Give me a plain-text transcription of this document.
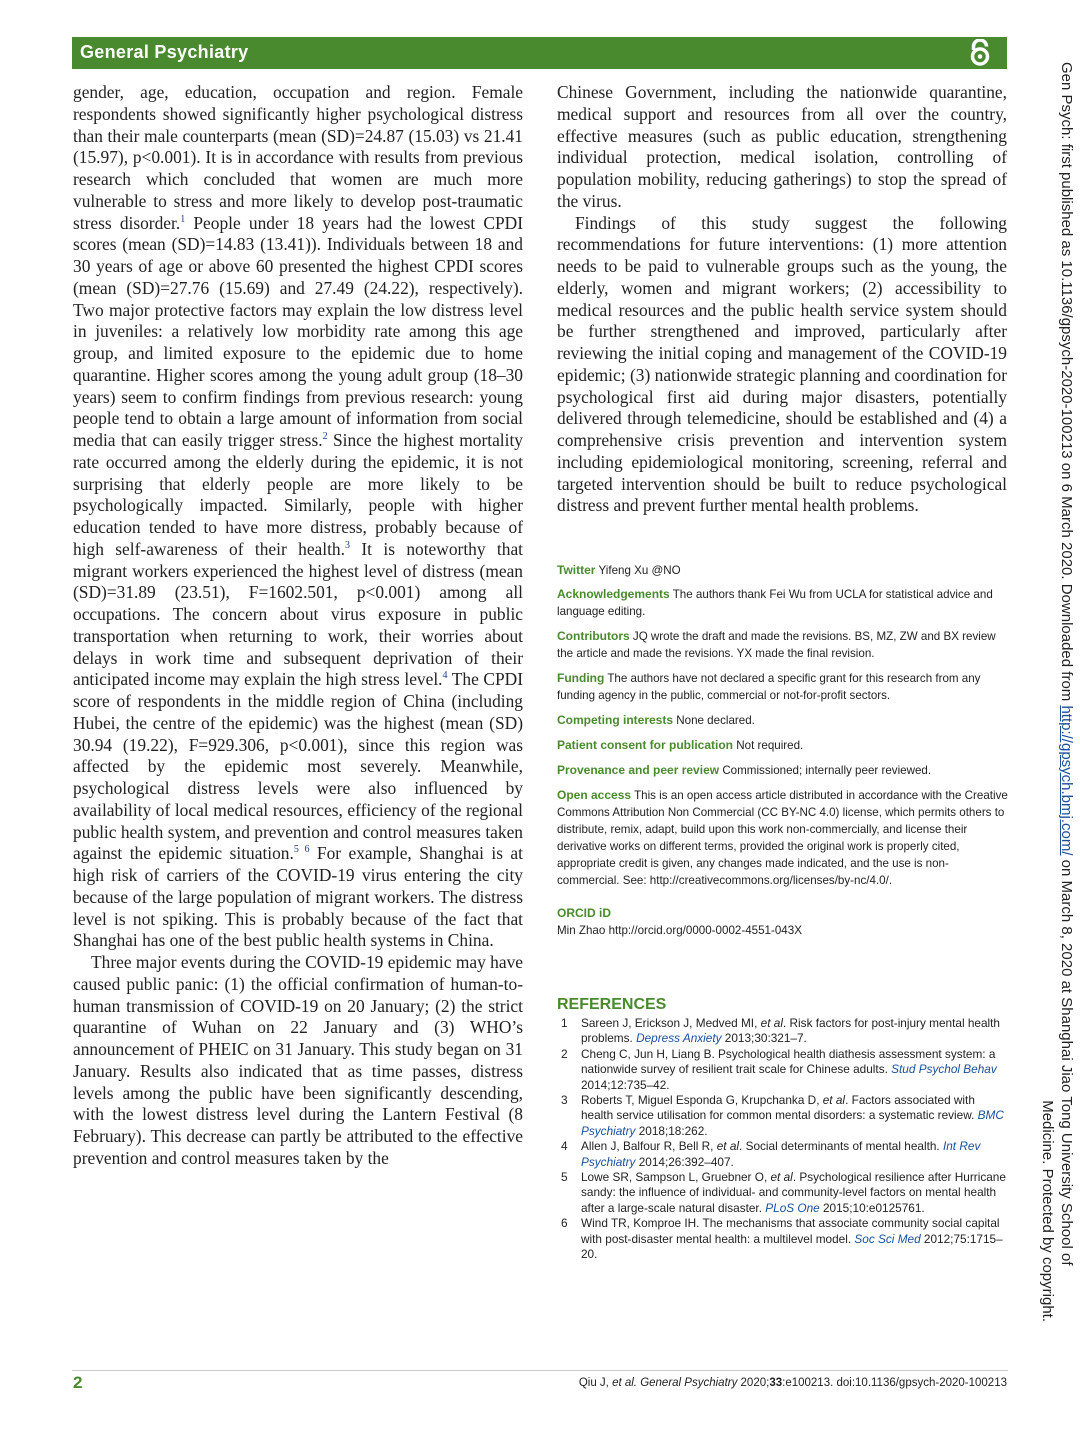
General Psychiatry

gender, age, education, occupation and region. Female respondents showed significantly higher psychological distress than their male counterparts (mean (SD)=24.87 (15.03) vs 21.41 (15.97), p<0.001). It is in accordance with results from previous research which concluded that women are much more vulnerable to stress and more likely to develop post-traumatic stress disorder.$^1$ People under 18 years had the lowest CPDI scores (mean (SD)=14.83 (13.41)). Individuals between 18 and 30 years of age or above 60 presented the highest CPDI scores (mean (SD)=27.76 (15.69) and 27.49 (24.22), respectively). Two major protective factors may explain the low distress level in juveniles: a relatively low morbidity rate among this age group, and limited exposure to the epidemic due to home quarantine. Higher scores among the young adult group (18–30 years) seem to confirm findings from previous research: young people tend to obtain a large amount of information from social media that can easily trigger stress.$^2$ Since the highest mortality rate occurred among the elderly during the epidemic, it is not surprising that elderly people are more likely to be psychologically impacted. Similarly, people with higher education tended to have more distress, probably because of high self-awareness of their health.$^3$ It is noteworthy that migrant workers experienced the highest level of distress (mean (SD)=31.89 (23.51), F=1602.501, p<0.001) among all occupations. The concern about virus exposure in public transportation when returning to work, their worries about delays in work time and subsequent deprivation of their anticipated income may explain the high stress level.$^4$ The CPDI score of respondents in the middle region of China (including Hubei, the centre of the epidemic) was the highest (mean (SD) 30.94 (19.22), F=929.306, p<0.001), since this region was affected by the epidemic most severely. Meanwhile, psychological distress levels were also influenced by availability of local medical resources, efficiency of the regional public health system, and prevention and control measures taken against the epidemic situation.$^{5 6}$ For example, Shanghai is at high risk of carriers of the COVID-19 virus entering the city because of the large population of migrant workers. The distress level is not spiking. This is probably because of the fact that Shanghai has one of the best public health systems in China.

Three major events during the COVID-19 epidemic may have caused public panic: (1) the official confirmation of human-to-human transmission of COVID-19 on 20 January; (2) the strict quarantine of Wuhan on 22 January and (3) WHO’s announcement of PHEIC on 31 January. This study began on 31 January. Results also indicated that as time passes, distress levels among the public have been significantly descending, with the lowest distress level during the Lantern Festival (8 February). This decrease can partly be attributed to the effective prevention and control measures taken by the

Chinese Government, including the nationwide quarantine, medical support and resources from all over the country, effective measures (such as public education, strengthening individual protection, medical isolation, controlling of population mobility, reducing gatherings) to stop the spread of the virus.

Findings of this study suggest the following recommendations for future interventions: (1) more attention needs to be paid to vulnerable groups such as the young, the elderly, women and migrant workers; (2) accessibility to medical resources and the public health service system should be further strengthened and improved, particularly after reviewing the initial coping and management of the COVID-19 epidemic; (3) nationwide strategic planning and coordination for psychological first aid during major disasters, potentially delivered through telemedicine, should be established and (4) a comprehensive crisis prevention and intervention system including epidemiological monitoring, screening, referral and targeted intervention should be built to reduce psychological distress and prevent further mental health problems.

Twitter Yifeng Xu @NO

Acknowledgements The authors thank Fei Wu from UCLA for statistical advice and language editing.

Contributors JQ wrote the draft and made the revisions. BS, MZ, ZW and BX review the article and made the revisions. YX made the final revision.

Funding The authors have not declared a specific grant for this research from any funding agency in the public, commercial or not-for-profit sectors.

Competing interests None declared.

Patient consent for publication Not required.

Provenance and peer review Commissioned; internally peer reviewed.

Open access This is an open access article distributed in accordance with the Creative Commons Attribution Non Commercial (CC BY-NC 4.0) license, which permits others to distribute, remix, adapt, build upon this work non-commercially, and license their derivative works on different terms, provided the original work is properly cited, appropriate credit is given, any changes made indicated, and the use is non-commercial. See: http://creativecommons.org/licenses/by-nc/4.0/.

ORCID iD

Min Zhao http://orcid.org/0000-0002-4551-043X

REFERENCES
1	Sareen J, Erickson J, Medved MI, et al. Risk factors for post-injury mental health problems. Depress Anxiety 2013;30:321–7.
2	Cheng C, Jun H, Liang B. Psychological health diathesis assessment system: a nationwide survey of resilient trait scale for Chinese adults. Stud Psychol Behav 2014;12:735–42.
3	Roberts T, Miguel Esponda G, Krupchanka D, et al. Factors associated with health service utilisation for common mental disorders: a systematic review. BMC Psychiatry 2018;18:262.
4	Allen J, Balfour R, Bell R, et al. Social determinants of mental health. Int Rev Psychiatry 2014;26:392–407.
5	Lowe SR, Sampson L, Gruebner O, et al. Psychological resilience after Hurricane sandy: the influence of individual- and community-level factors on mental health after a large-scale natural disaster. PLoS One 2015;10:e0125761.
6	Wind TR, Komproe IH. The mechanisms that associate community social capital with post-disaster mental health: a multilevel model. Soc Sci Med 2012;75:1715–20.
2	Qiu J, et al. General Psychiatry 2020;33:e100213. doi:10.1136/gpsych-2020-100213
Gen Psych: first published as 10.1136/gpsych-2020-100213 on 6 March 2020. Downloaded from http://gpsych.bmj.com/ on March 8, 2020 at Shanghai Jiao Tong University School of
Medicine. Protected by copyright.
